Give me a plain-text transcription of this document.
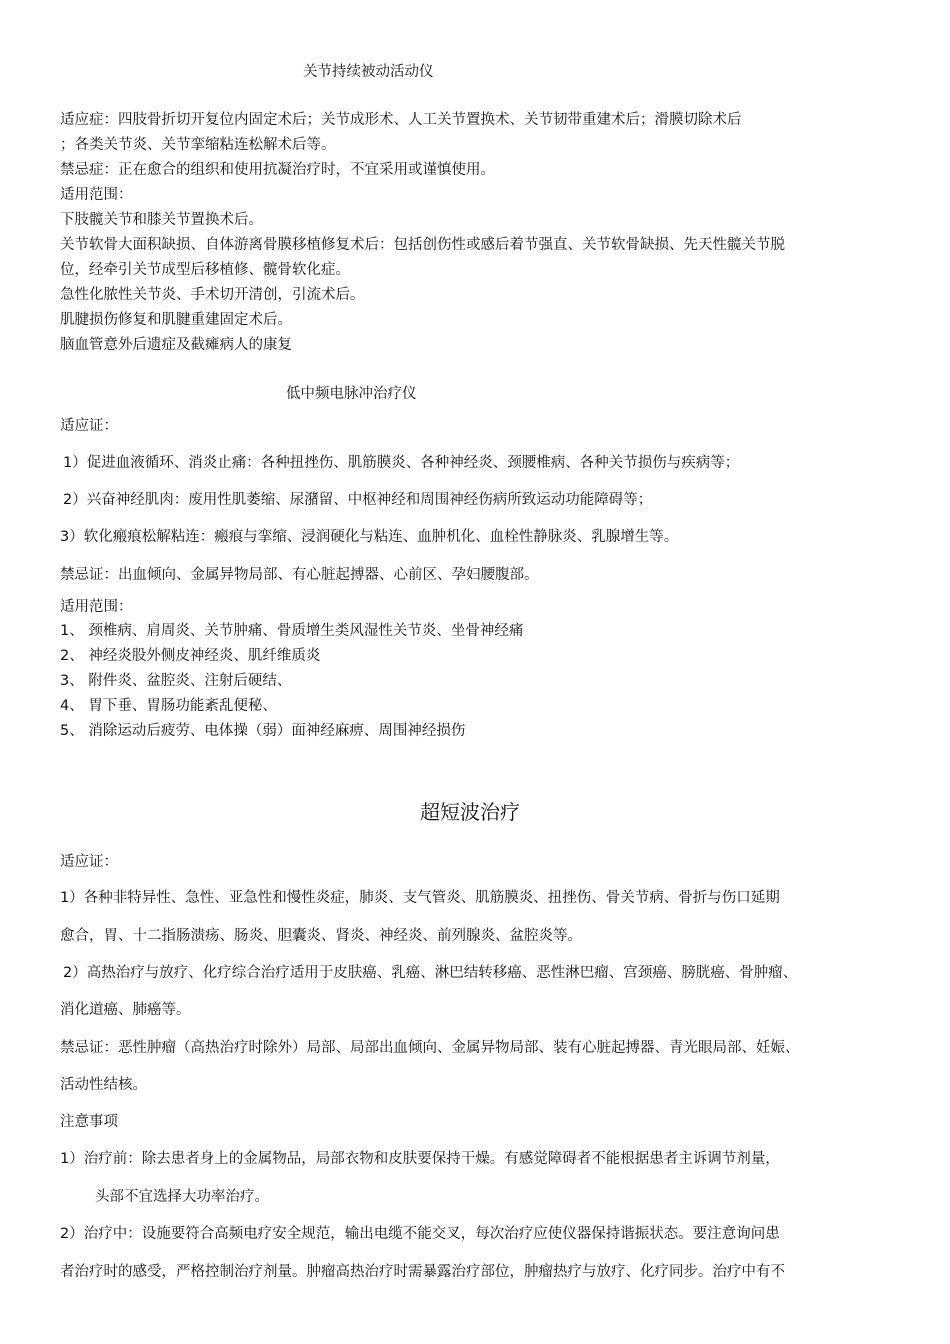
关节持续被动活动仪
适应症：四肢骨折切开复位内固定术后；关节成形术、人工关节置换术、关节韧带重建术后；滑膜切除术后
；各类关节炎、关节挛缩粘连松解术后等。
禁忌症：正在愈合的组织和使用抗凝治疗时，不宜采用或谨慎使用。
适用范围：
下肢髋关节和膝关节置换术后。
关节软骨大面积缺损、自体游离骨膜移植修复术后：包括创伤性或感后着节强直、关节软骨缺损、先天性髋关节脱
位，经牵引关节成型后移植修、髋骨软化症。
急性化脓性关节炎、手术切开清创，引流术后。
肌腱损伤修复和肌腱重建固定术后。
脑血管意外后遗症及截瘫病人的康复
低中频电脉冲治疗仪
适应证：
1）促进血液循环、消炎止痛：各种扭挫伤、肌筋膜炎、各种神经炎、颈腰椎病、各种关节损伤与疾病等；
2）兴奋神经肌肉：废用性肌萎缩、尿潴留、中枢神经和周围神经伤病所致运动功能障碍等；
3）软化瘢痕松解粘连：瘢痕与挛缩、浸润硬化与粘连、血肿机化、血栓性静脉炎、乳腺增生等。
禁忌证：出血倾向、金属异物局部、有心脏起搏器、心前区、孕妇腰腹部。
适用范围：
1、 颈椎病、肩周炎、关节肿痛、骨质增生类风湿性关节炎、坐骨神经痛
2、 神经炎股外侧皮神经炎、肌纤维质炎
3、 附件炎、盆腔炎、注射后硬结、
4、 胃下垂、胃肠功能紊乱便秘、
5、 消除运动后疲劳、电体操（弱）面神经麻痹、周围神经损伤
超短波治疗
适应证：
1）各种非特异性、急性、亚急性和慢性炎症，肺炎、支气管炎、肌筋膜炎、扭挫伤、骨关节病、骨折与伤口延期
愈合，胃、十二指肠溃疡、肠炎、胆囊炎、肾炎、神经炎、前列腺炎、盆腔炎等。
2）高热治疗与放疗、化疗综合治疗适用于皮肤癌、乳癌、淋巴结转移癌、恶性淋巴瘤、宫颈癌、膀胱癌、骨肿瘤、
消化道癌、肺癌等。
禁忌证：恶性肿瘤（高热治疗时除外）局部、局部出血倾向、金属异物局部、装有心脏起搏器、青光眼局部、妊娠、
活动性结核。
注意事项
1）治疗前：除去患者身上的金属物品，局部衣物和皮肤要保持干燥。有感觉障碍者不能根据患者主诉调节剂量，
头部不宜选择大功率治疗。
2）治疗中：设施要符合高频电疗安全规范，输出电缆不能交叉，每次治疗应使仪器保持谐振状态。要注意询问患
者治疗时的感受，严格控制治疗剂量。肿瘤高热治疗时需暴露治疗部位，肿瘤热疗与放疗、化疗同步。治疗中有不
